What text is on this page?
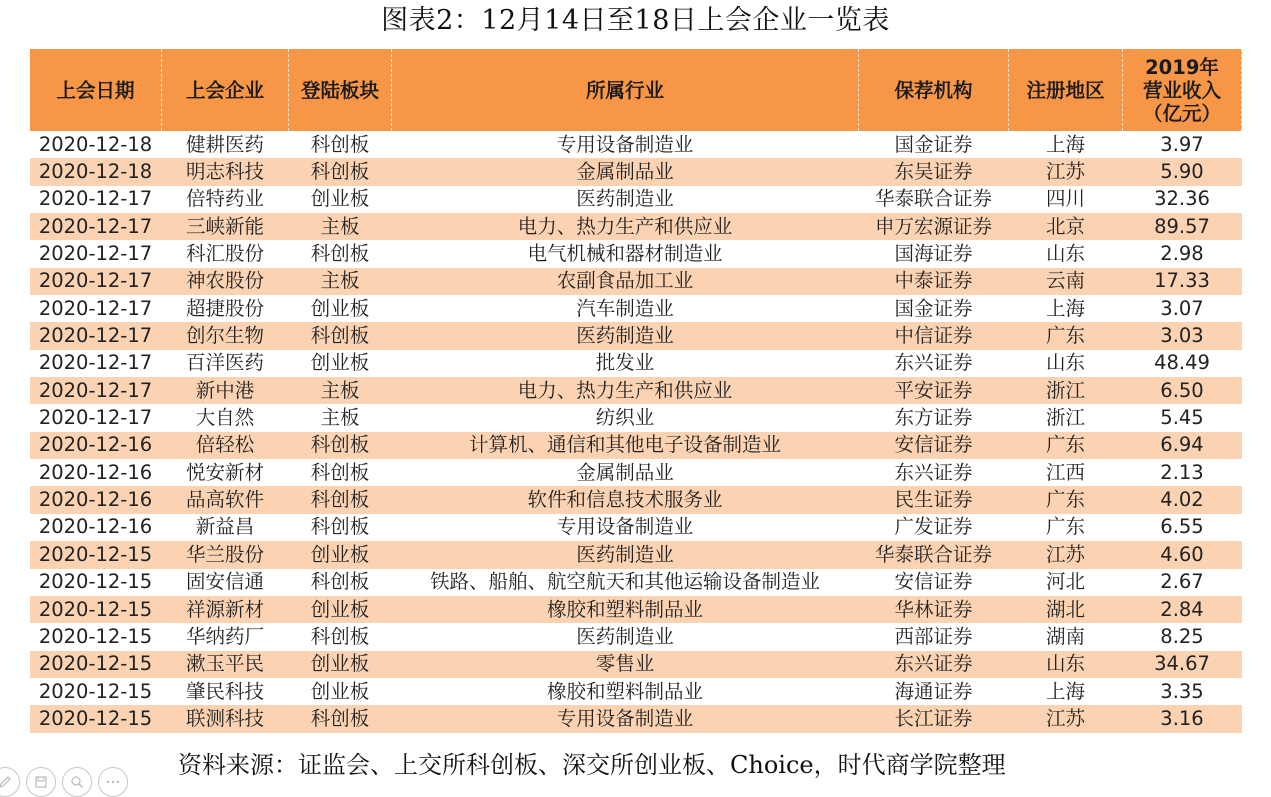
图表2：12月14日至18日上会企业一览表
上会日期	上会企业	登陆板块	所属行业	保荐机构	注册地区	2019年
营业收入
（亿元）

2020-12-18	健耕医药	科创板	专用设备制造业	国金证券	上海	3.97
2020-12-18	明志科技	科创板	金属制品业	东吴证券	江苏	5.90
2020-12-17	倍特药业	创业板	医药制造业	华泰联合证券	四川	32.36
2020-12-17	三峡新能	主板	电力、热力生产和供应业	申万宏源证券	北京	89.57
2020-12-17	科汇股份	科创板	电气机械和器材制造业	国海证券	山东	2.98
2020-12-17	神农股份	主板	农副食品加工业	中泰证券	云南	17.33
2020-12-17	超捷股份	创业板	汽车制造业	国金证券	上海	3.07
2020-12-17	创尔生物	科创板	医药制造业	中信证券	广东	3.03
2020-12-17	百洋医药	创业板	批发业	东兴证券	山东	48.49
2020-12-17	新中港	主板	电力、热力生产和供应业	平安证券	浙江	6.50
2020-12-17	大自然	主板	纺织业	东方证券	浙江	5.45
2020-12-16	倍轻松	科创板	计算机、通信和其他电子设备制造业	安信证券	广东	6.94
2020-12-16	悦安新材	科创板	金属制品业	东兴证券	江西	2.13
2020-12-16	品高软件	科创板	软件和信息技术服务业	民生证券	广东	4.02
2020-12-16	新益昌	科创板	专用设备制造业	广发证券	广东	6.55
2020-12-15	华兰股份	创业板	医药制造业	华泰联合证券	江苏	4.60
2020-12-15	固安信通	科创板	铁路、船舶、航空航天和其他运输设备制造业	安信证券	河北	2.67
2020-12-15	祥源新材	创业板	橡胶和塑料制品业	华林证券	湖北	2.84
2020-12-15	华纳药厂	科创板	医药制造业	西部证券	湖南	8.25
2020-12-15	漱玉平民	创业板	零售业	东兴证券	山东	34.67
2020-12-15	肇民科技	创业板	橡胶和塑料制品业	海通证券	上海	3.35
2020-12-15	联测科技	科创板	专用设备制造业	长江证券	江苏	3.16
资料来源：证监会、上交所科创板、深交所创业板、Choice，时代商学院整理
